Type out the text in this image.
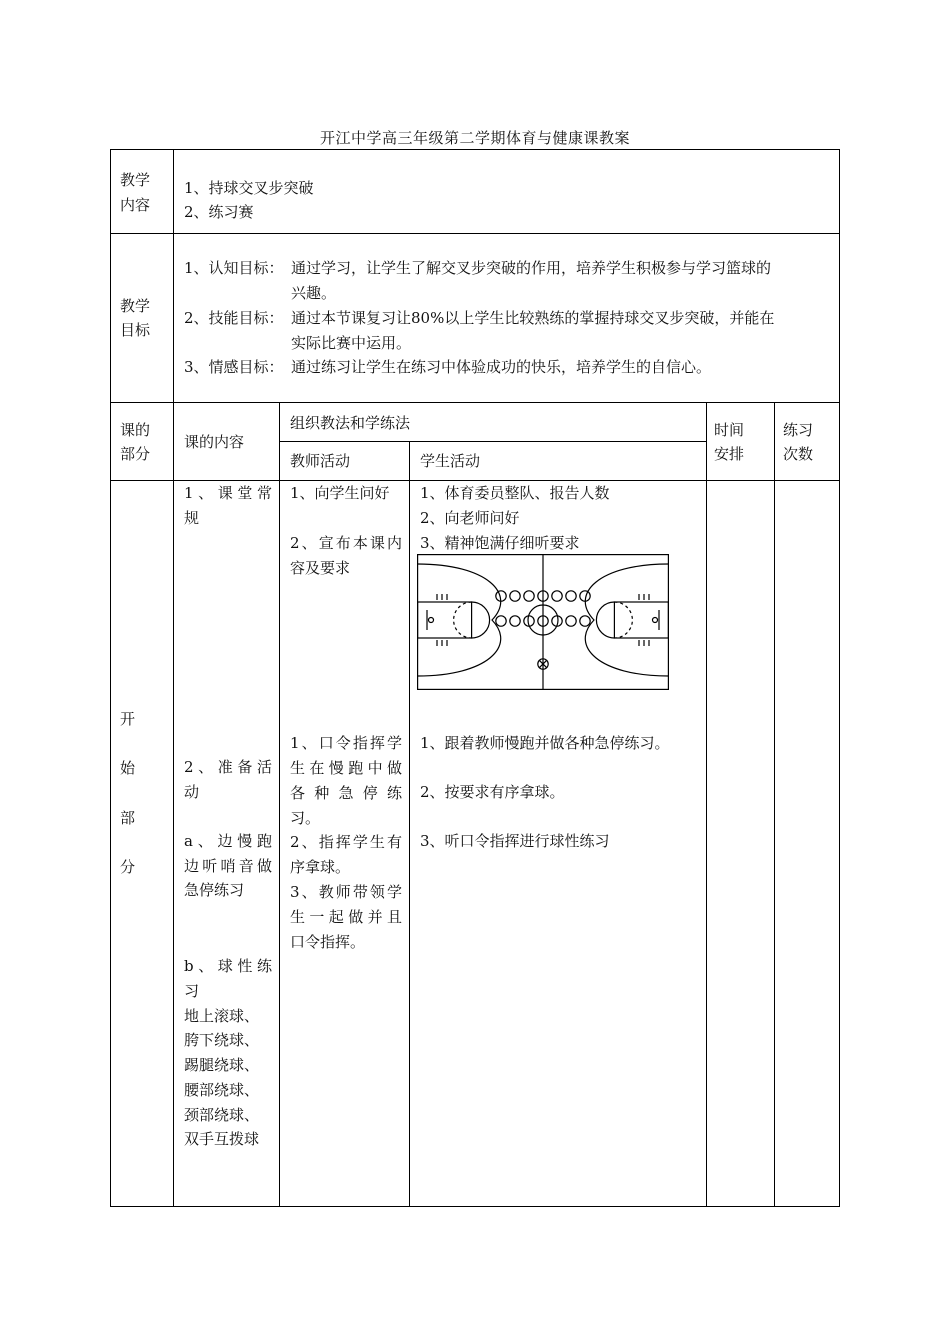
开江中学高三年级第二学期体育与健康课教案
教学
内容
1、持球交叉步突破
2、练习赛
教学
目标
1、认知目标： 通过学习，让学生了解交叉步突破的作用，培养学生积极参与学习篮球的
兴趣。
2、技能目标： 通过本节课复习让80%以上学生比较熟练的掌握持球交叉步突破，并能在
实际比赛中运用。
3、情感目标： 通过练习让学生在练习中体验成功的快乐，培养学生的自信心。
课的
部分
课的内容
组织教法和学练法
教师活动	学生活动
时间
安排
练习
次数
开
始
部
分
1、课堂常
规
2、准备活
动
a、边慢跑
边听哨音做
急停练习
b、球性练
习
地上滚球、
胯下绕球、
踢腿绕球、
腰部绕球、
颈部绕球、
双手互拨球
1、向学生问好
2、宣布本课内
容及要求
1、口令指挥学
生在慢跑中做
各种急停练
习。
2、指挥学生有
序拿球。
3、教师带领学
生一起做并且
口令指挥。
1、体育委员整队、报告人数
2、向老师问好
3、精神饱满仔细听要求
1、跟着教师慢跑并做各种急停练习。
2、按要求有序拿球。
3、听口令指挥进行球性练习
